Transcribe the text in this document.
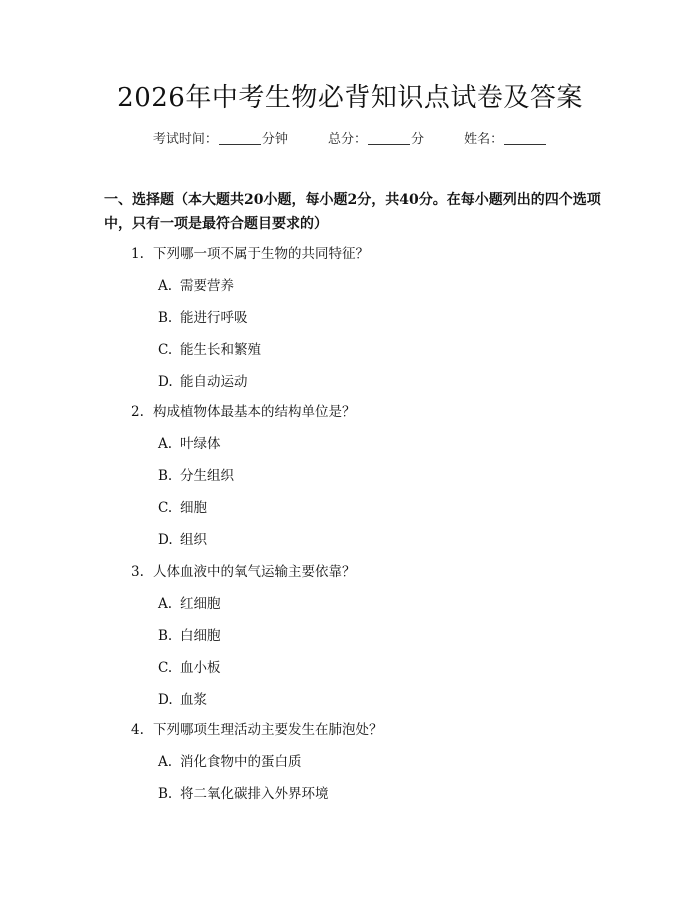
2026年中考生物必背知识点试卷及答案
考试时间：	分钟	总分：	分	姓名：
一、选择题（本大题共20小题，每小题2分，共40分。在每小题列出的四个选项中，只有一项是最符合题目要求的）
1. 下列哪一项不属于生物的共同特征？
A. 需要营养
B. 能进行呼吸
C. 能生长和繁殖
D. 能自动运动
2. 构成植物体最基本的结构单位是？
A. 叶绿体
B. 分生组织
C. 细胞
D. 组织
3. 人体血液中的氧气运输主要依靠？
A. 红细胞
B. 白细胞
C. 血小板
D. 血浆
4. 下列哪项生理活动主要发生在肺泡处？
A. 消化食物中的蛋白质
B. 将二氧化碳排入外界环境
